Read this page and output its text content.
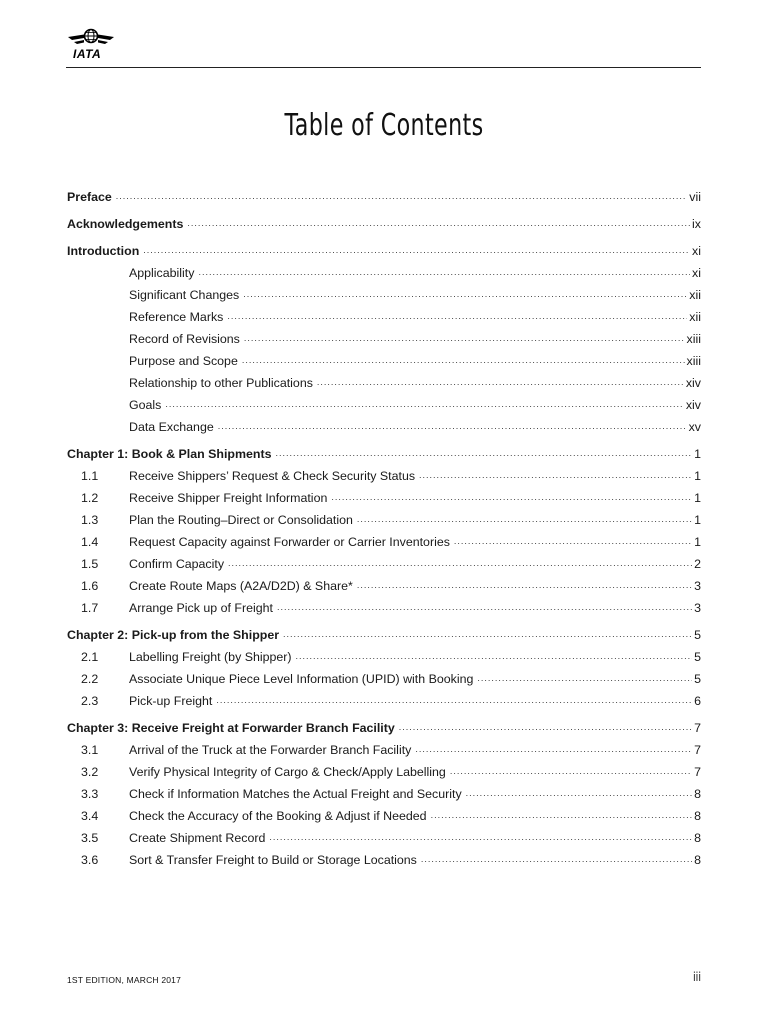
IATA
Table of Contents
Preface .....	vii
Acknowledgements .....	ix
Introduction .....	xi
Applicability .....	xi
Significant Changes .....	xii
Reference Marks .....	xii
Record of Revisions .....	xiii
Purpose and Scope .....	xiii
Relationship to other Publications .....	xiv
Goals .....	xiv
Data Exchange .....	xv
Chapter 1: Book & Plan Shipments .....	1
1.1	Receive Shippers’ Request & Check Security Status .....	1
1.2	Receive Shipper Freight Information .....	1
1.3	Plan the Routing–Direct or Consolidation .....	1
1.4	Request Capacity against Forwarder or Carrier Inventories .....	1
1.5	Confirm Capacity .....	2
1.6	Create Route Maps (A2A/D2D) & Share* .....	3
1.7	Arrange Pick up of Freight .....	3
Chapter 2: Pick-up from the Shipper .....	5
2.1	Labelling Freight (by Shipper) .....	5
2.2	Associate Unique Piece Level Information (UPID) with Booking .....	5
2.3	Pick-up Freight .....	6
Chapter 3: Receive Freight at Forwarder Branch Facility .....	7
3.1	Arrival of the Truck at the Forwarder Branch Facility .....	7
3.2	Verify Physical Integrity of Cargo & Check/Apply Labelling .....	7
3.3	Check if Information Matches the Actual Freight and Security .....	8
3.4	Check the Accuracy of the Booking & Adjust if Needed .....	8
3.5	Create Shipment Record .....	8
3.6	Sort & Transfer Freight to Build or Storage Locations .....	8
1ST EDITION, MARCH 2017	iii
